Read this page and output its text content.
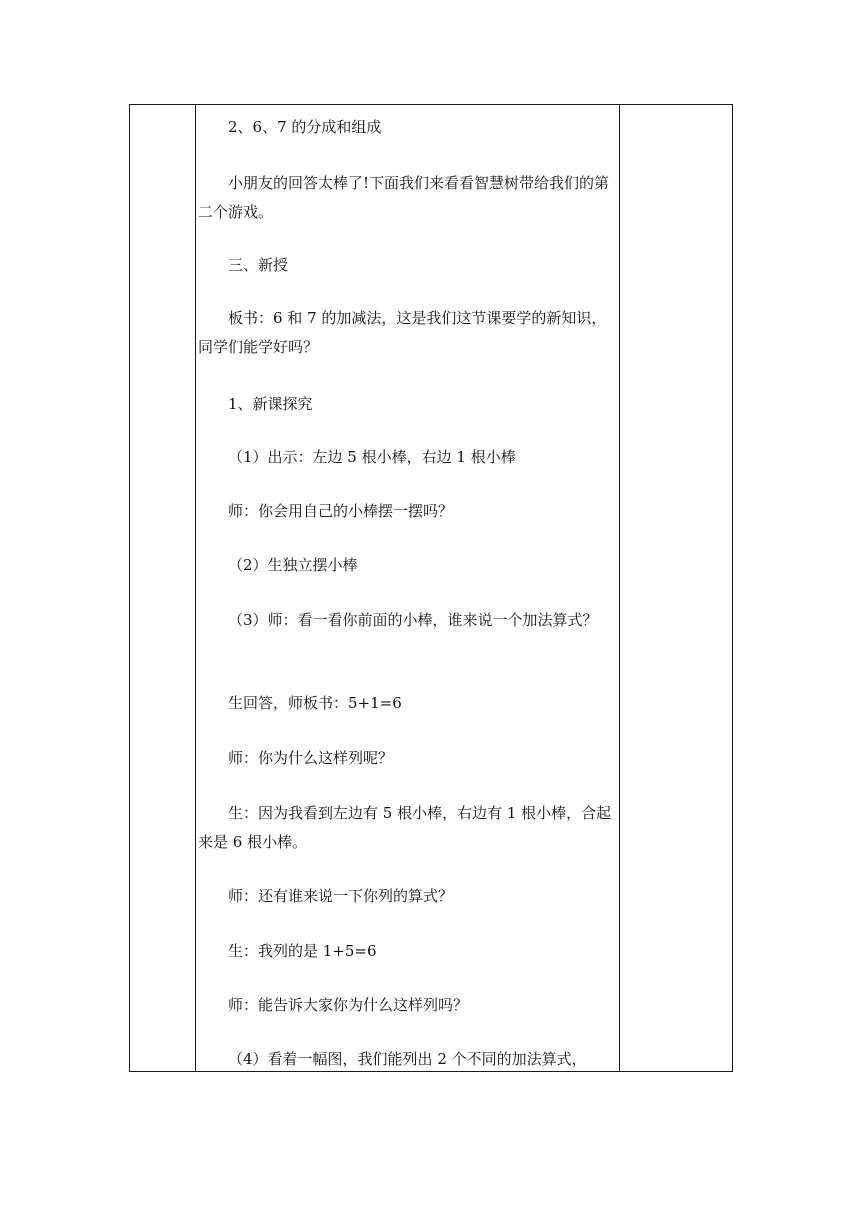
2、6、7 的分成和组成

小朋友的回答太棒了!下面我们来看看智慧树带给我们的第二个游戏。

三、新授

板书：6 和 7 的加减法，这是我们这节课要学的新知识，同学们能学好吗？

1、新课探究

（1）出示：左边 5 根小棒，右边 1 根小棒

师：你会用自己的小棒摆一摆吗？

（2）生独立摆小棒

（3）师：看一看你前面的小棒，谁来说一个加法算式？

生回答，师板书：5+1=6

师：你为什么这样列呢？

生：因为我看到左边有 5 根小棒，右边有 1 根小棒，合起来是 6 根小棒。

师：还有谁来说一下你列的算式？

生：我列的是 1+5=6

师：能告诉大家你为什么这样列吗？

（4）看着一幅图，我们能列出 2 个不同的加法算式，
